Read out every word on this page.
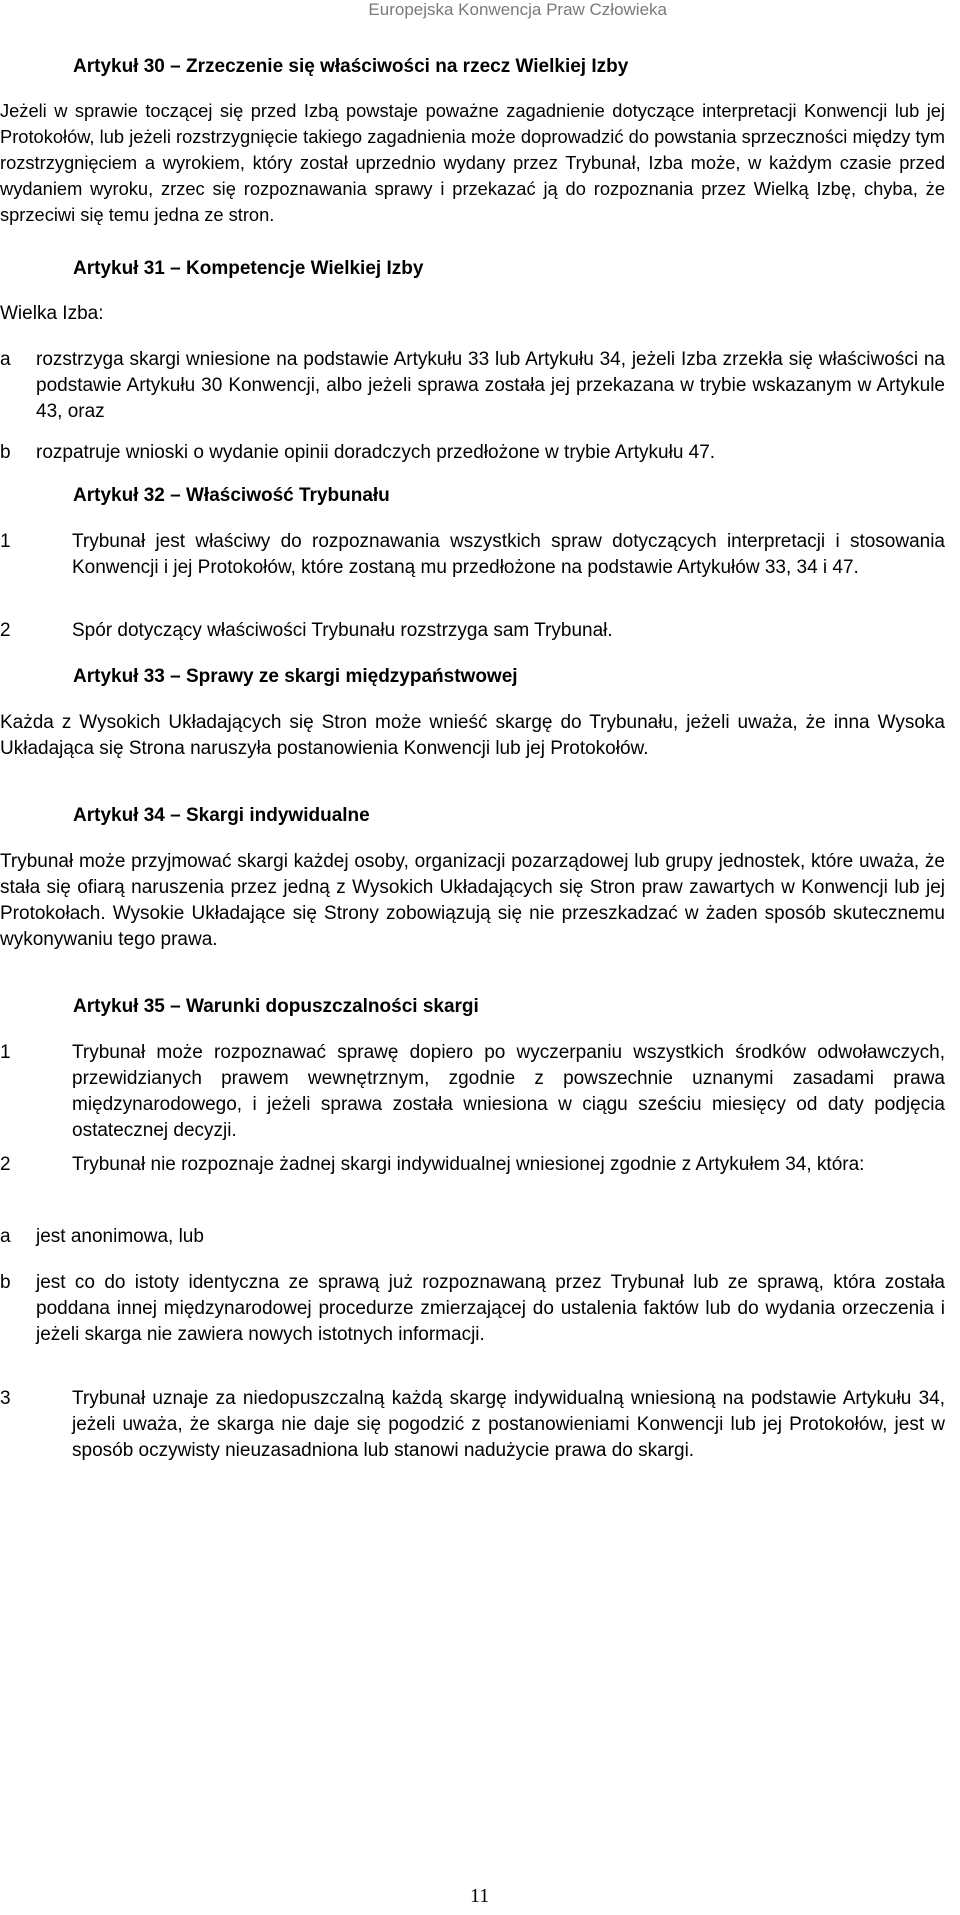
Europejska Konwencja Praw Człowieka
Artykuł 30 – Zrzeczenie się właściwości na rzecz Wielkiej Izby
Jeżeli w sprawie toczącej się przed Izbą powstaje poważne zagadnienie dotyczące interpretacji Konwencji lub jej Protokołów, lub jeżeli rozstrzygnięcie takiego zagadnienia może doprowadzić do powstania sprzeczności między tym rozstrzygnięciem a wyrokiem, który został uprzednio wydany przez Trybunał, Izba może, w każdym czasie przed wydaniem wyroku, zrzec się rozpoznawania sprawy i przekazać ją do rozpoznania przez Wielką Izbę, chyba, że sprzeciwi się temu jedna ze stron.
Artykuł 31 – Kompetencje Wielkiej Izby
Wielka Izba:
a rozstrzyga skargi wniesione na podstawie Artykułu 33 lub Artykułu 34, jeżeli Izba zrzekła się właściwości na podstawie Artykułu 30 Konwencji, albo jeżeli sprawa została jej przekazana w trybie wskazanym w Artykule 43, oraz
b rozpatruje wnioski o wydanie opinii doradczych przedłożone w trybie Artykułu 47.
Artykuł 32 – Właściwość Trybunału
1	Trybunał jest właściwy do rozpoznawania wszystkich spraw dotyczących interpretacji i stosowania Konwencji i jej Protokołów, które zostaną mu przedłożone na podstawie Artykułów 33, 34 i 47.
2	Spór dotyczący właściwości Trybunału rozstrzyga sam Trybunał.
Artykuł 33 – Sprawy ze skargi międzypaństwowej
Każda z Wysokich Układających się Stron może wnieść skargę do Trybunału, jeżeli uważa, że inna Wysoka Układająca się Strona naruszyła postanowienia Konwencji lub jej Protokołów.
Artykuł 34 – Skargi indywidualne
Trybunał może przyjmować skargi każdej osoby, organizacji pozarządowej lub grupy jednostek, które uważa, że stała się ofiarą naruszenia przez jedną z Wysokich Układających się Stron praw zawartych w Konwencji lub jej Protokołach. Wysokie Układające się Strony zobowiązują się nie przeszkadzać w żaden sposób skutecznemu wykonywaniu tego prawa.
Artykuł 35 – Warunki dopuszczalności skargi
1	Trybunał może rozpoznawać sprawę dopiero po wyczerpaniu wszystkich środków odwoławczych, przewidzianych prawem wewnętrznym, zgodnie z powszechnie uznanymi zasadami prawa międzynarodowego, i jeżeli sprawa została wniesiona w ciągu sześciu miesięcy od daty podjęcia ostatecznej decyzji.
2	Trybunał nie rozpoznaje żadnej skargi indywidualnej wniesionej zgodnie z Artykułem 34, która:
a jest anonimowa, lub
b jest co do istoty identyczna ze sprawą już rozpoznawaną przez Trybunał lub ze sprawą, która została poddana innej międzynarodowej procedurze zmierzającej do ustalenia faktów lub do wydania orzeczenia i jeżeli skarga nie zawiera nowych istotnych informacji.
3	Trybunał uznaje za niedopuszczalną każdą skargę indywidualną wniesioną na podstawie Artykułu 34, jeżeli uważa, że skarga nie daje się pogodzić z postanowieniami Konwencji lub jej Protokołów, jest w sposób oczywisty nieuzasadniona lub stanowi nadużycie prawa do skargi.
11
